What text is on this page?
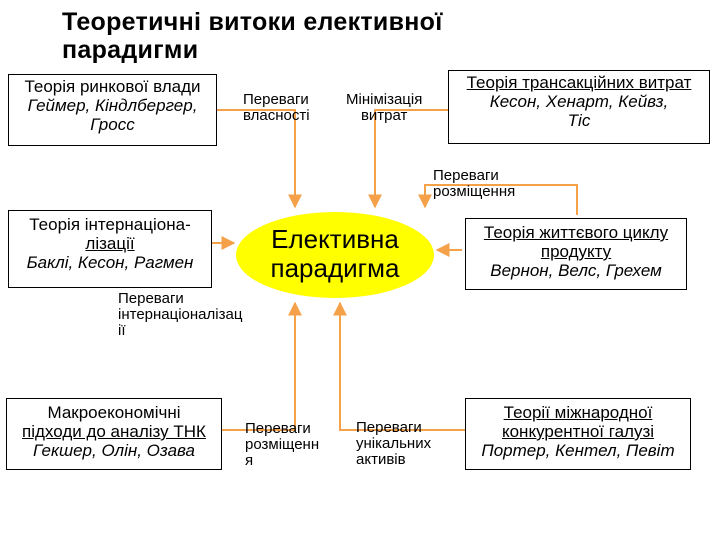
Теоретичні витоки елективної
парадигми
Теорія ринкової влади
Геймер, Кіндлбергер,
Гросс
Теорія трансакційних витрат
Кесон, Хенарт, Кейвз,
Тіс
Теорія інтернаціона-
лізації
Баклі, Кесон, Рагмен
Теорія життєвого циклу
продукту
Вернон, Велс, Грехем
Макроекономічні
підходи до аналізу ТНК
Гекшер, Олін, Озава
Теорії міжнародної
конкурентної галузі
Портер, Кентел, Певіт
Елективна
парадигма
Переваги
власності
Мінімізація
витрат
Переваги
розміщення
Переваги
інтернаціоналізац
ії
Переваги
розміщенн
я
Переваги
унікальних
активів
